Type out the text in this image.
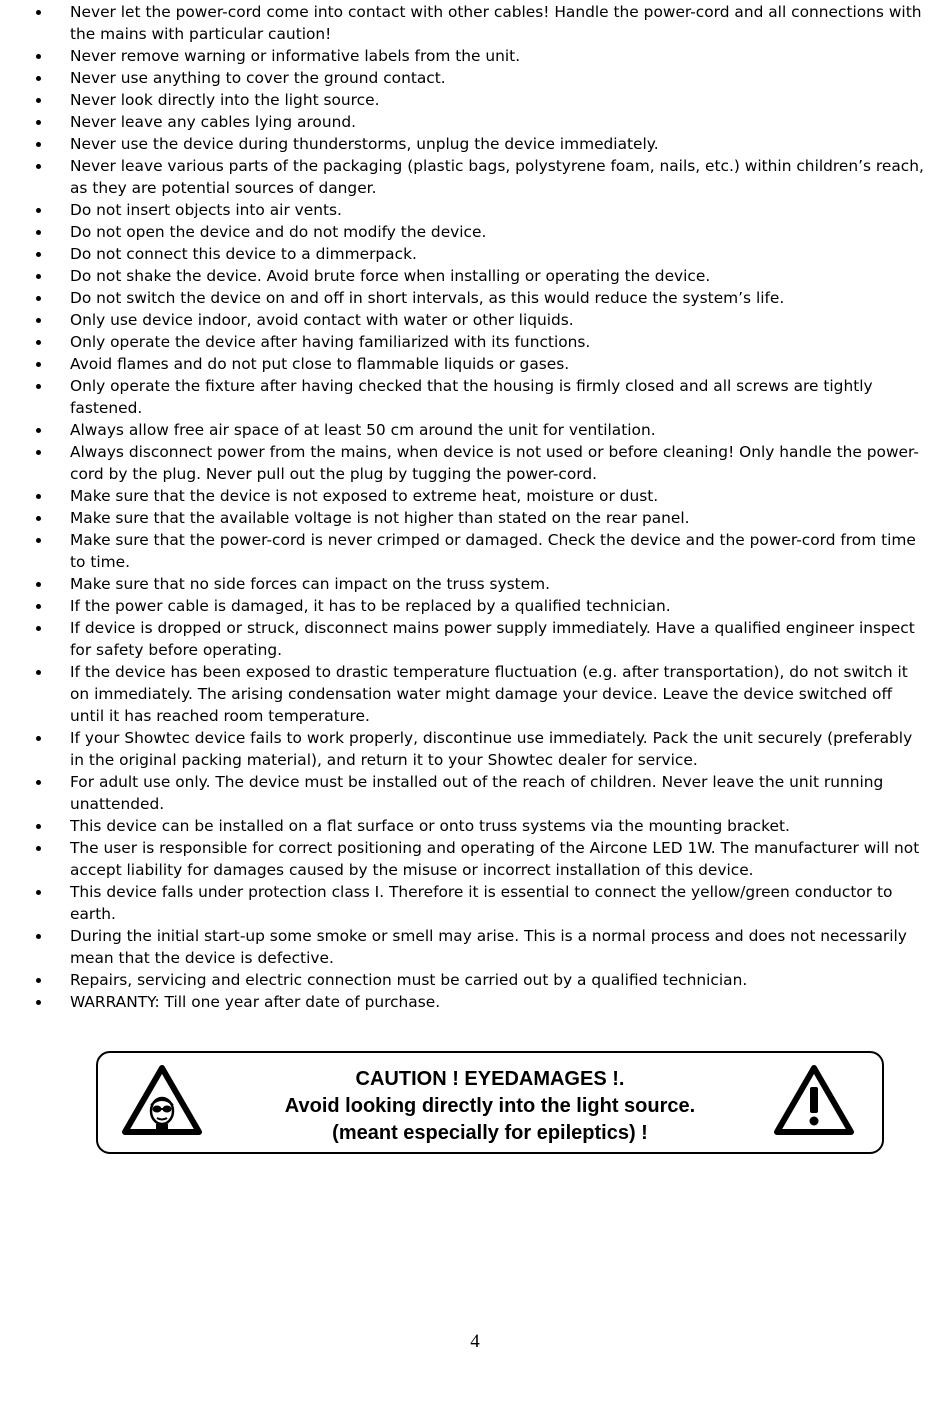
Never let the power-cord come into contact with other cables! Handle the power-cord and all connections with the mains with particular caution!
Never remove warning or informative labels from the unit.
Never use anything to cover the ground contact.
Never look directly into the light source.
Never leave any cables lying around.
Never use the device during thunderstorms, unplug the device immediately.
Never leave various parts of the packaging (plastic bags, polystyrene foam, nails, etc.) within children’s reach, as they are potential sources of danger.
Do not insert objects into air vents.
Do not open the device and do not modify the device.
Do not connect this device to a dimmerpack.
Do not shake the device. Avoid brute force when installing or operating the device.
Do not switch the device on and off in short intervals, as this would reduce the system’s life.
Only use device indoor, avoid contact with water or other liquids.
Only operate the device after having familiarized with its functions.
Avoid flames and do not put close to flammable liquids or gases.
Only operate the fixture after having checked that the housing is firmly closed and all screws are tightly fastened.
Always allow free air space of at least 50 cm around the unit for ventilation.
Always disconnect power from the mains, when device is not used or before cleaning! Only handle the power-cord by the plug. Never pull out the plug by tugging the power-cord.
Make sure that the device is not exposed to extreme heat, moisture or dust.
Make sure that the available voltage is not higher than stated on the rear panel.
Make sure that the power-cord is never crimped or damaged. Check the device and the power-cord from time to time.
Make sure that no side forces can impact on the truss system.
If the power cable is damaged, it has to be replaced by a qualified technician.
If device is dropped or struck, disconnect mains power supply immediately. Have a qualified engineer inspect for safety before operating.
If the device has been exposed to drastic temperature fluctuation (e.g. after transportation), do not switch it on immediately. The arising condensation water might damage your device. Leave the device switched off until it has reached room temperature.
If your Showtec device fails to work properly, discontinue use immediately. Pack the unit securely (preferably in the original packing material), and return it to your Showtec dealer for service.
For adult use only. The device must be installed out of the reach of children. Never leave the unit running unattended.
This device can be installed on a flat surface or onto truss systems via the mounting bracket.
The user is responsible for correct positioning and operating of the Aircone LED 1W. The manufacturer will not accept liability for damages caused by the misuse or incorrect installation of this device.
This device falls under protection class I. Therefore it is essential to connect the yellow/green conductor to earth.
During the initial start-up some smoke or smell may arise. This is a normal process and does not necessarily mean that the device is defective.
Repairs, servicing and electric connection must be carried out by a qualified technician.
WARRANTY: Till one year after date of purchase.
CAUTION ! EYEDAMAGES !.
Avoid looking directly into the light source.
(meant especially for epileptics) !
4
